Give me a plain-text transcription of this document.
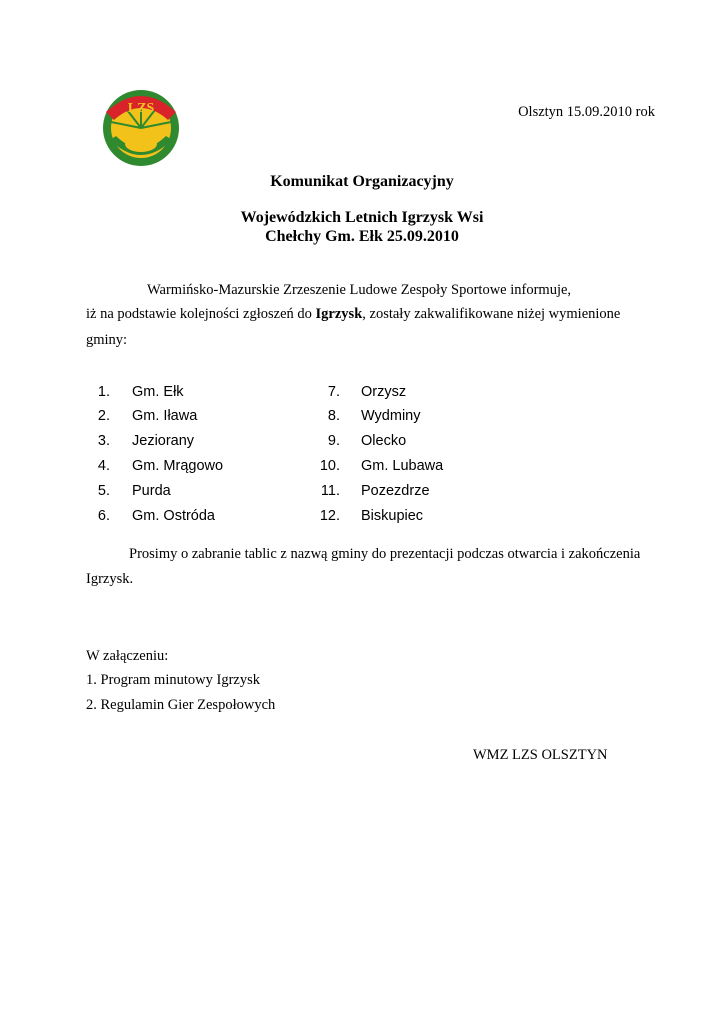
LZS	Olsztyn 15.09.2010 rok
Komunikat Organizacyjny
Wojewódzkich Letnich Igrzysk Wsi
Chełchy Gm. Ełk 25.09.2010
Warmińsko-Mazurskie Zrzeszenie Ludowe Zespoły Sportowe informuje,
iż na podstawie kolejności zgłoszeń do Igrzysk, zostały zakwalifikowane niżej wymienione
gminy:
1. Gm. Ełk
2. Gm. Iława
3. Jeziorany
4. Gm. Mrągowo
5. Purda
6. Gm. Ostróda
7. Orzysz
8. Wydminy
9. Olecko
10. Gm. Lubawa
11. Pozezdrze
12. Biskupiec
Prosimy o zabranie tablic z nazwą gminy do prezentacji podczas otwarcia i zakończenia
Igrzysk.
W załączeniu:
1. Program minutowy Igrzysk
2. Regulamin Gier Zespołowych
WMZ LZS OLSZTYN
